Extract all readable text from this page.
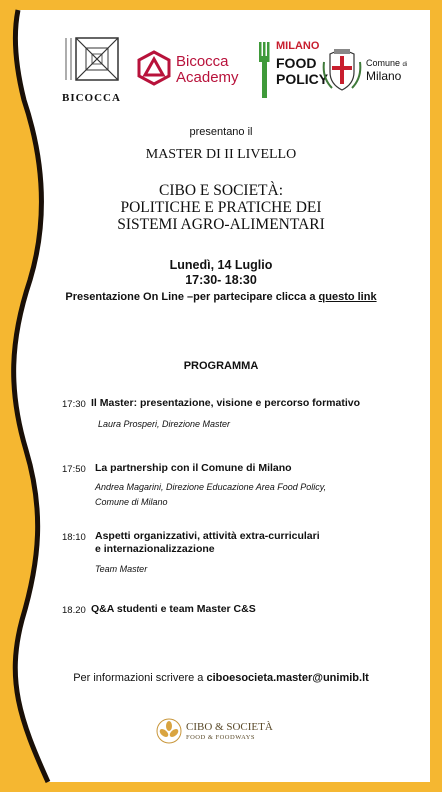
BICOCCA
Bicocca
Academy
MILANO
FOOD
POLICY
Comune di
Milano
presentano il
MASTER DI II LIVELLO
CIBO E SOCIETÀ:
POLITICHE E PRATICHE DEI
SISTEMI AGRO-ALIMENTARI
Lunedì, 14 Luglio
17:30- 18:30
Presentazione On Line –per partecipare clicca a questo link
PROGRAMMA
17:30 Il Master: presentazione, visione e percorso formativo
Laura Prosperi, Direzione Master
17:50 La partnership con il Comune di Milano
Andrea Magarini, Direzione Educazione Area Food Policy,
Comune di Milano
18:10 Aspetti organizzativi, attività extra-curriculari
e internazionalizzazione
Team Master
18.20 Q&A studenti e team Master C&S
Per informazioni scrivere a ciboesocieta.master@unimib.lt
CIBO & SOCIETÀ
FOOD & FOODWAYS
